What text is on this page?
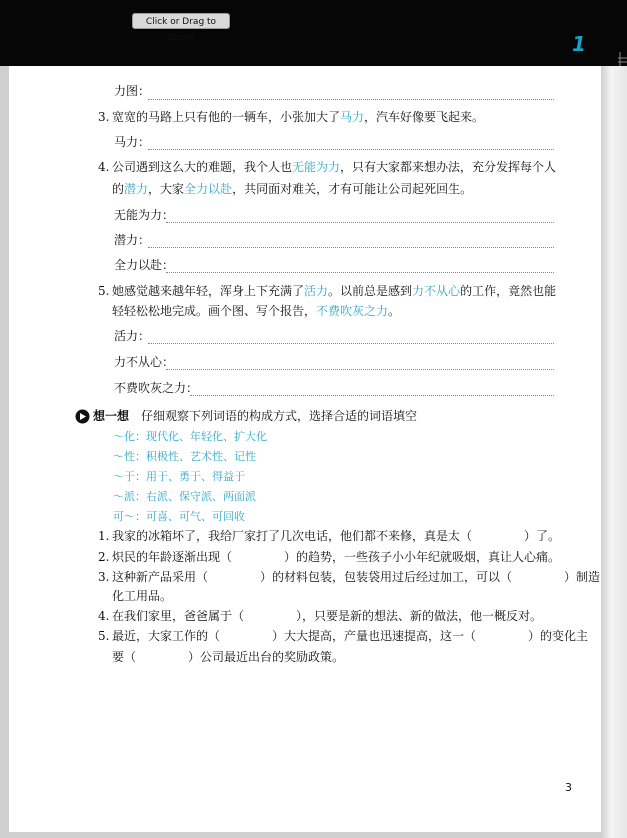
Click or Drag to Zoom	1
力图：
3. 宽宽的马路上只有他的一辆车，小张加大了马力，汽车好像要飞起来。
马力：
4. 公司遇到这么大的难题，我个人也无能为力，只有大家都来想办法，充分发挥每个人
的潜力，大家全力以赴，共同面对难关，才有可能让公司起死回生。
无能为力：
潜力：
全力以赴：
5. 她感觉越来越年轻，浑身上下充满了活力。以前总是感到力不从心的工作，竟然也能
轻轻松松地完成。画个图、写个报告，不费吹灰之力。
活力：
力不从心：
不费吹灰之力：
想一想 仔细观察下列词语的构成方式，选择合适的词语填空
～化：现代化、年轻化、扩大化
～性：积极性、艺术性、记性
～于：用于、勇于、得益于
～派：右派、保守派、两面派
可～：可喜、可气、可回收
1. 我家的冰箱坏了，我给厂家打了几次电话，他们都不来修，真是太（	）了。
2. 炽民的年龄逐渐出现（	）的趋势，一些孩子小小年纪就吸烟，真让人心痛。
3. 这种新产品采用（	）的材料包装，包装袋用过后经过加工，可以（	）制造
化工用品。
4. 在我们家里，爸爸属于（	），只要是新的想法、新的做法，他一概反对。
5. 最近，大家工作的（	）大大提高，产量也迅速提高，这一（	）的变化主
要（	）公司最近出台的奖励政策。
3
